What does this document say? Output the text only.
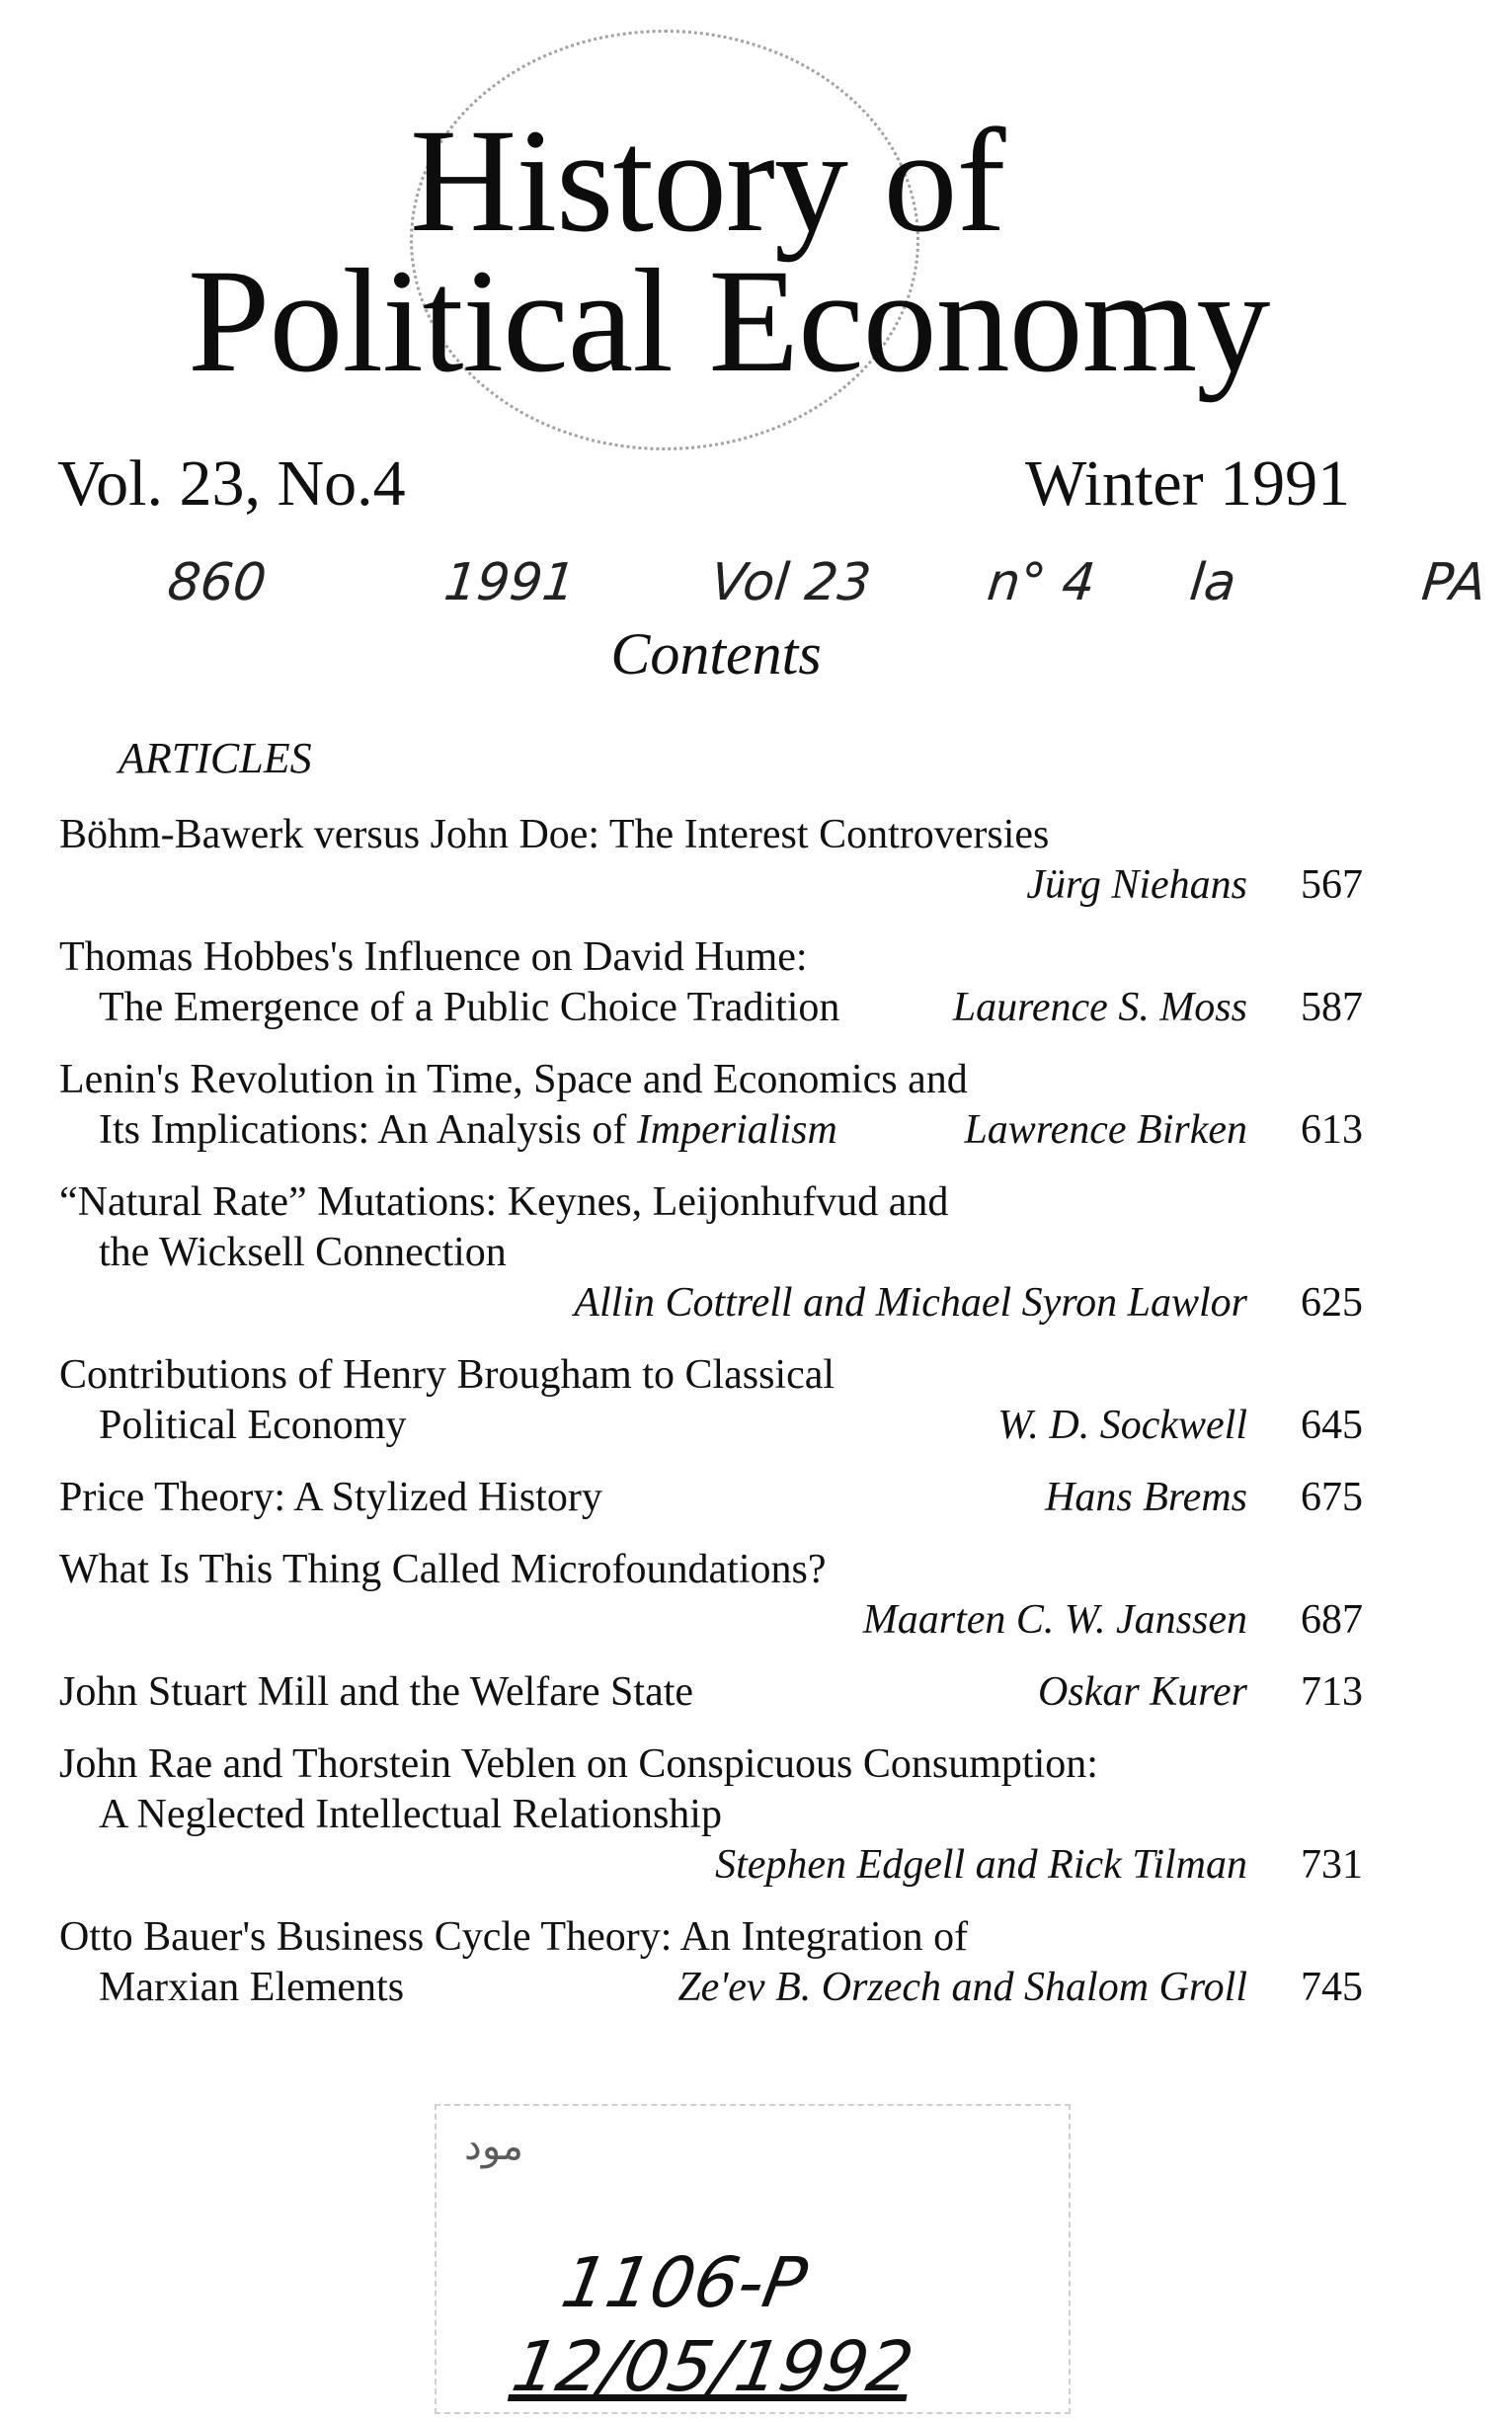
History of
Political Economy
Vol. 23, No.4	Winter 1991
860	1991	Vol 23 n° 4 la	PA
Contents
ARTICLES
Böhm-Bawerk versus John Doe: The Interest Controversies
Jürg Niehans	567
Thomas Hobbes's Influence on David Hume:
The Emergence of a Public Choice Tradition	Laurence S. Moss	587
Lenin's Revolution in Time, Space and Economics and
Its Implications: An Analysis of Imperialism	Lawrence Birken	613
“Natural Rate” Mutations: Keynes, Leijonhufvud and
the Wicksell Connection
Allin Cottrell and Michael Syron Lawlor	625
Contributions of Henry Brougham to Classical
Political Economy	W. D. Sockwell	645
Price Theory: A Stylized History	Hans Brems	675
What Is This Thing Called Microfoundations?
Maarten C. W. Janssen	687
John Stuart Mill and the Welfare State	Oskar Kurer	713
John Rae and Thorstein Veblen on Conspicuous Consumption:
A Neglected Intellectual Relationship
Stephen Edgell and Rick Tilman	731
Otto Bauer's Business Cycle Theory: An Integration of
Marxian Elements	Ze'ev B. Orzech and Shalom Groll	745
مود
1106-P
12/05/1992
